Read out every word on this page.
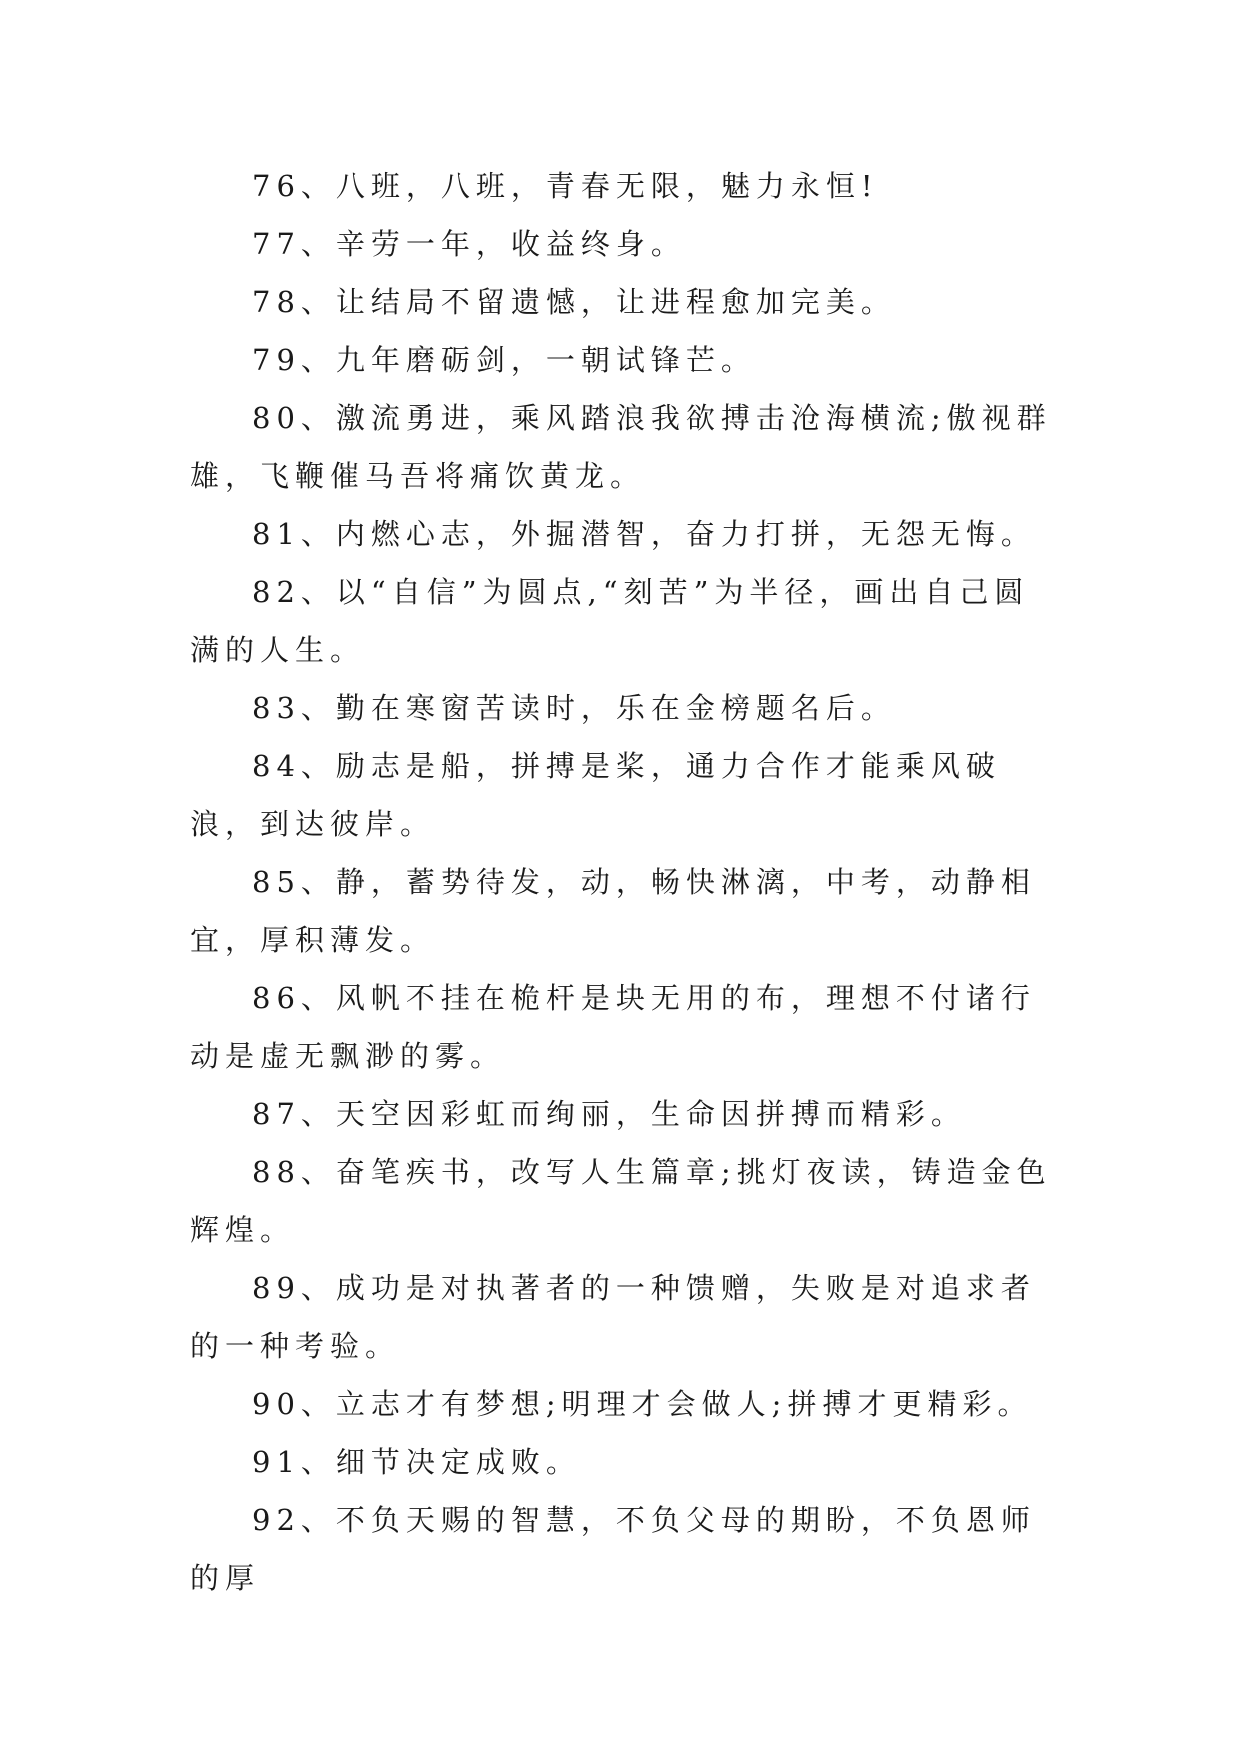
76、八班，八班，青春无限，魅力永恒!

77、辛劳一年，收益终身。

78、让结局不留遗憾，让进程愈加完美。

79、九年磨砺剑，一朝试锋芒。

80、激流勇进，乘风踏浪我欲搏击沧海横流;傲视群雄，飞鞭催马吾将痛饮黄龙。

81、内燃心志，外掘潜智，奋力打拼，无怨无悔。

82、以“自信”为圆点,“刻苦”为半径，画出自己圆满的人生。

83、勤在寒窗苦读时，乐在金榜题名后。

84、励志是船，拼搏是桨，通力合作才能乘风破浪，到达彼岸。

85、静，蓄势待发，动，畅快淋漓，中考，动静相宜，厚积薄发。

86、风帆不挂在桅杆是块无用的布，理想不付诸行动是虚无飘渺的雾。

87、天空因彩虹而绚丽，生命因拼搏而精彩。

88、奋笔疾书，改写人生篇章;挑灯夜读，铸造金色辉煌。

89、成功是对执著者的一种馈赠，失败是对追求者的一种考验。

90、立志才有梦想;明理才会做人;拼搏才更精彩。

91、细节决定成败。

92、不负天赐的智慧，不负父母的期盼，不负恩师的厚
